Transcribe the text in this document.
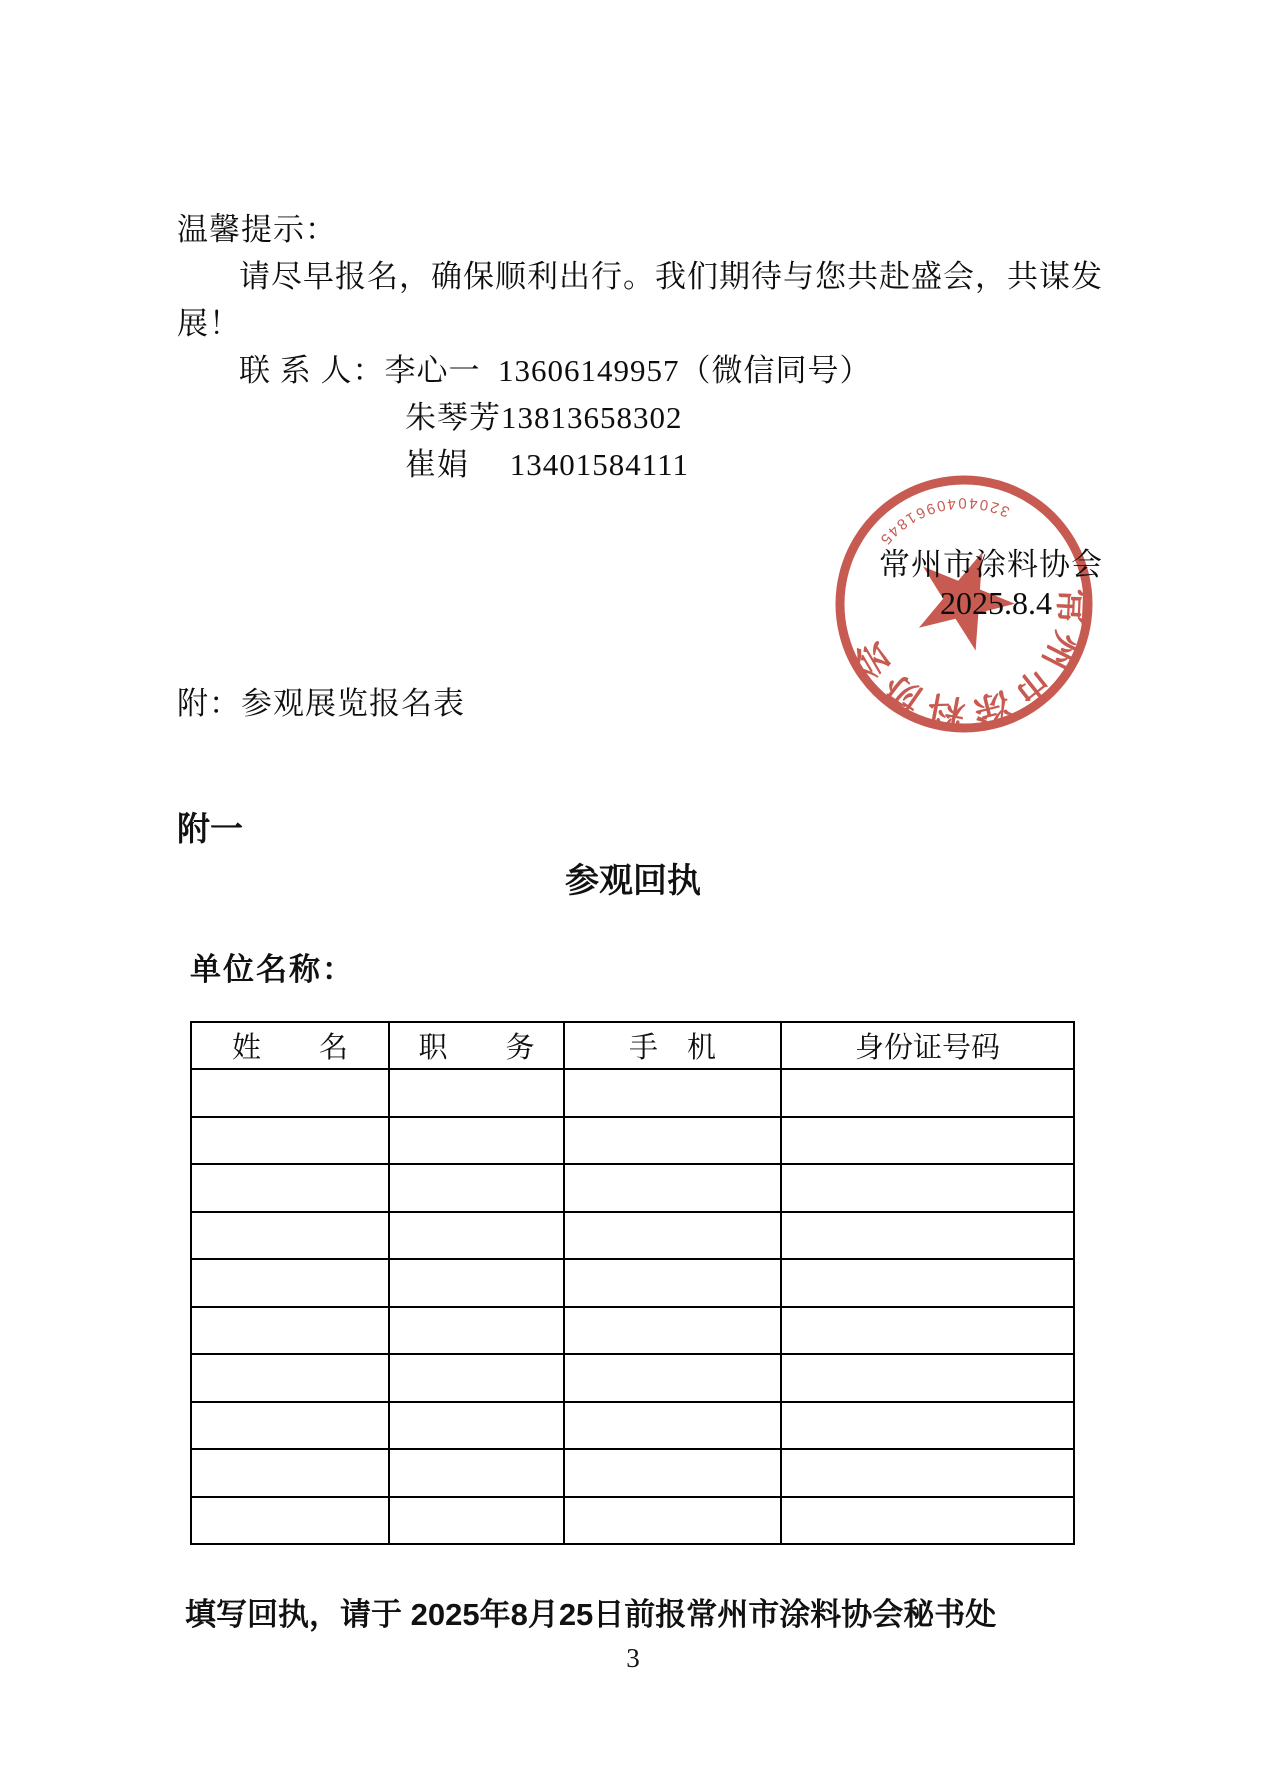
温馨提示：
请尽早报名，确保顺利出行。我们期待与您共赴盛会，共谋发
展！
联 系 人：李心一  13606149957（微信同号）
朱琴芳13813658302
崔娟　 13401584111
常州市涂料协会
3204040961845
常州市涂料协会
2025.8.4
附：参观展览报名表
附一
参观回执
单位名称：
姓　　名	职　　务	手　机	身份证号码

填写回执，请于 2025年8月25日前报常州市涂料协会秘书处
3
